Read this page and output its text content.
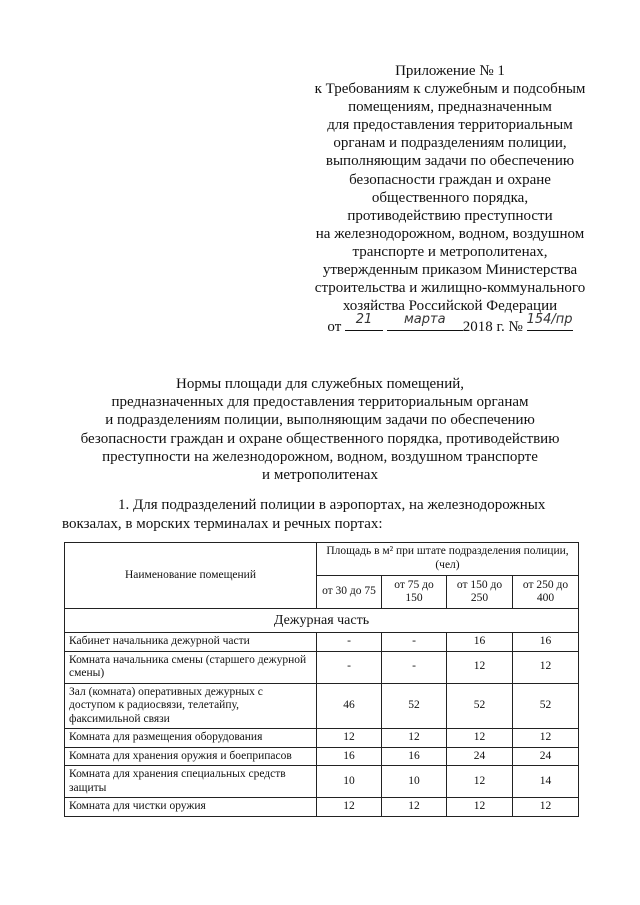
Приложение № 1
к Требованиям к служебным и подсобным
помещениям, предназначенным
для предоставления территориальным
органам и подразделениям полиции,
выполняющим задачи по обеспечению
безопасности граждан и охране
общественного порядка,
противодействию преступности
на железнодорожном, водном, воздушном
транспорте и метрополитенах,
утвержденным приказом Министерства
строительства и жилищно-коммунального
хозяйства Российской Федерации
от	21
	марта	2018 г. № 154/пр
Нормы площади для служебных помещений,
предназначенных для предоставления территориальным органам
и подразделениям полиции, выполняющим задачи по обеспечению
безопасности граждан и охране общественного порядка, противодействию
преступности на железнодорожном, водном, воздушном транспорте
и метрополитенах
1. Для подразделений полиции в аэропортах, на железнодорожных
вокзалах, в морских терминалах и речных портах:
Наименование помещений	Площадь в м² при штате подразделения полиции, (чел)			
	от 30 до 75	от 75 до 150	от 150 до 250	от 250 до 400
Дежурная часть				
Кабинет начальника дежурной части	-	-	16	16
Комната начальника смены (старшего дежурной смены)	-	-	12	12
Зал (комната) оперативных дежурных с доступом к радиосвязи, телетайпу, факсимильной связи	46	52	52	52
Комната для размещения оборудования	12	12	12	12
Комната для хранения оружия и боеприпасов	16	16	24	24
Комната для хранения специальных средств защиты	10	10	12	14
Комната для чистки оружия	12	12	12	12
